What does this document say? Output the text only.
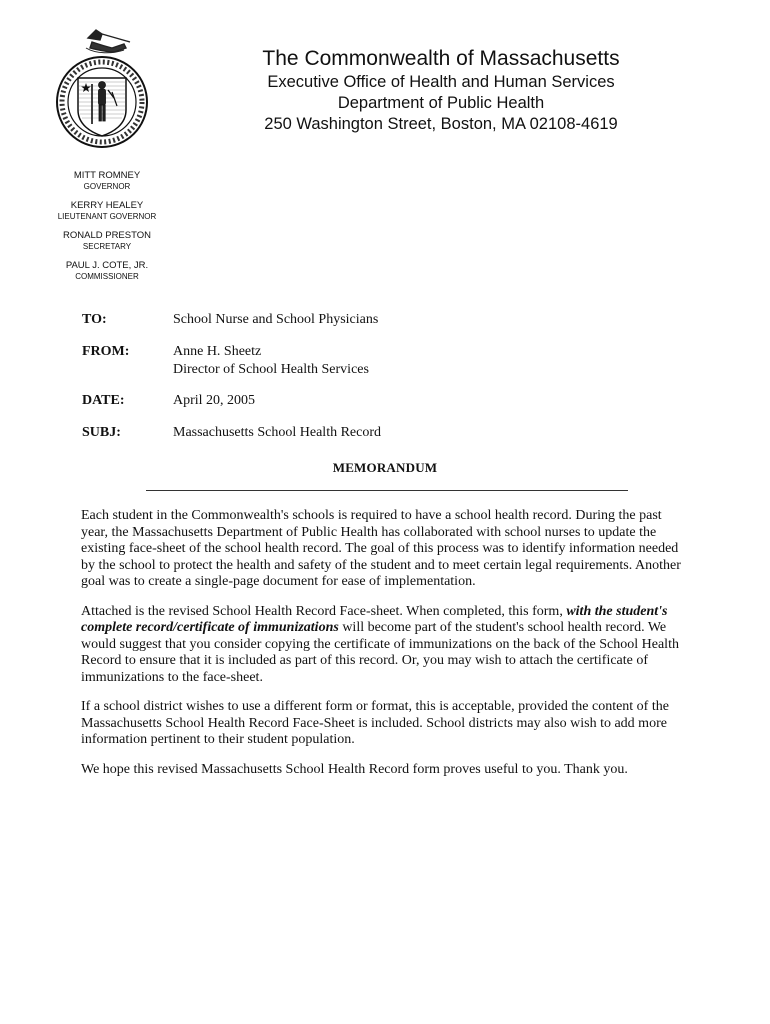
The Commonwealth of Massachusetts
Executive Office of Health and Human Services
Department of Public Health
250 Washington Street, Boston, MA 02108-4619
MITT ROMNEY
GOVERNOR
KERRY HEALEY
LIEUTENANT GOVERNOR
RONALD PRESTON
SECRETARY
PAUL J. COTE, JR.
COMMISSIONER
TO:	School Nurse and School Physicians
FROM:	Anne H. Sheetz
Director of School Health Services
DATE:	April 20, 2005
SUBJ:	Massachusetts School Health Record
MEMORANDUM

Each student in the Commonwealth's schools is required to have a school health record. During the past year, the Massachusetts Department of Public Health has collaborated with school nurses to update the existing face-sheet of the school health record. The goal of this process was to identify information needed by the school to protect the health and safety of the student and to meet certain legal requirements. Another goal was to create a single-page document for ease of implementation.

Attached is the revised School Health Record Face-sheet. When completed, this form, with the student's complete record/certificate of immunizations will become part of the student's school health record. We would suggest that you consider copying the certificate of immunizations on the back of the School Health Record to ensure that it is included as part of this record. Or, you may wish to attach the certificate of immunizations to the face-sheet.

If a school district wishes to use a different form or format, this is acceptable, provided the content of the Massachusetts School Health Record Face-Sheet is included. School districts may also wish to add more information pertinent to their student population.

We hope this revised Massachusetts School Health Record form proves useful to you. Thank you.
